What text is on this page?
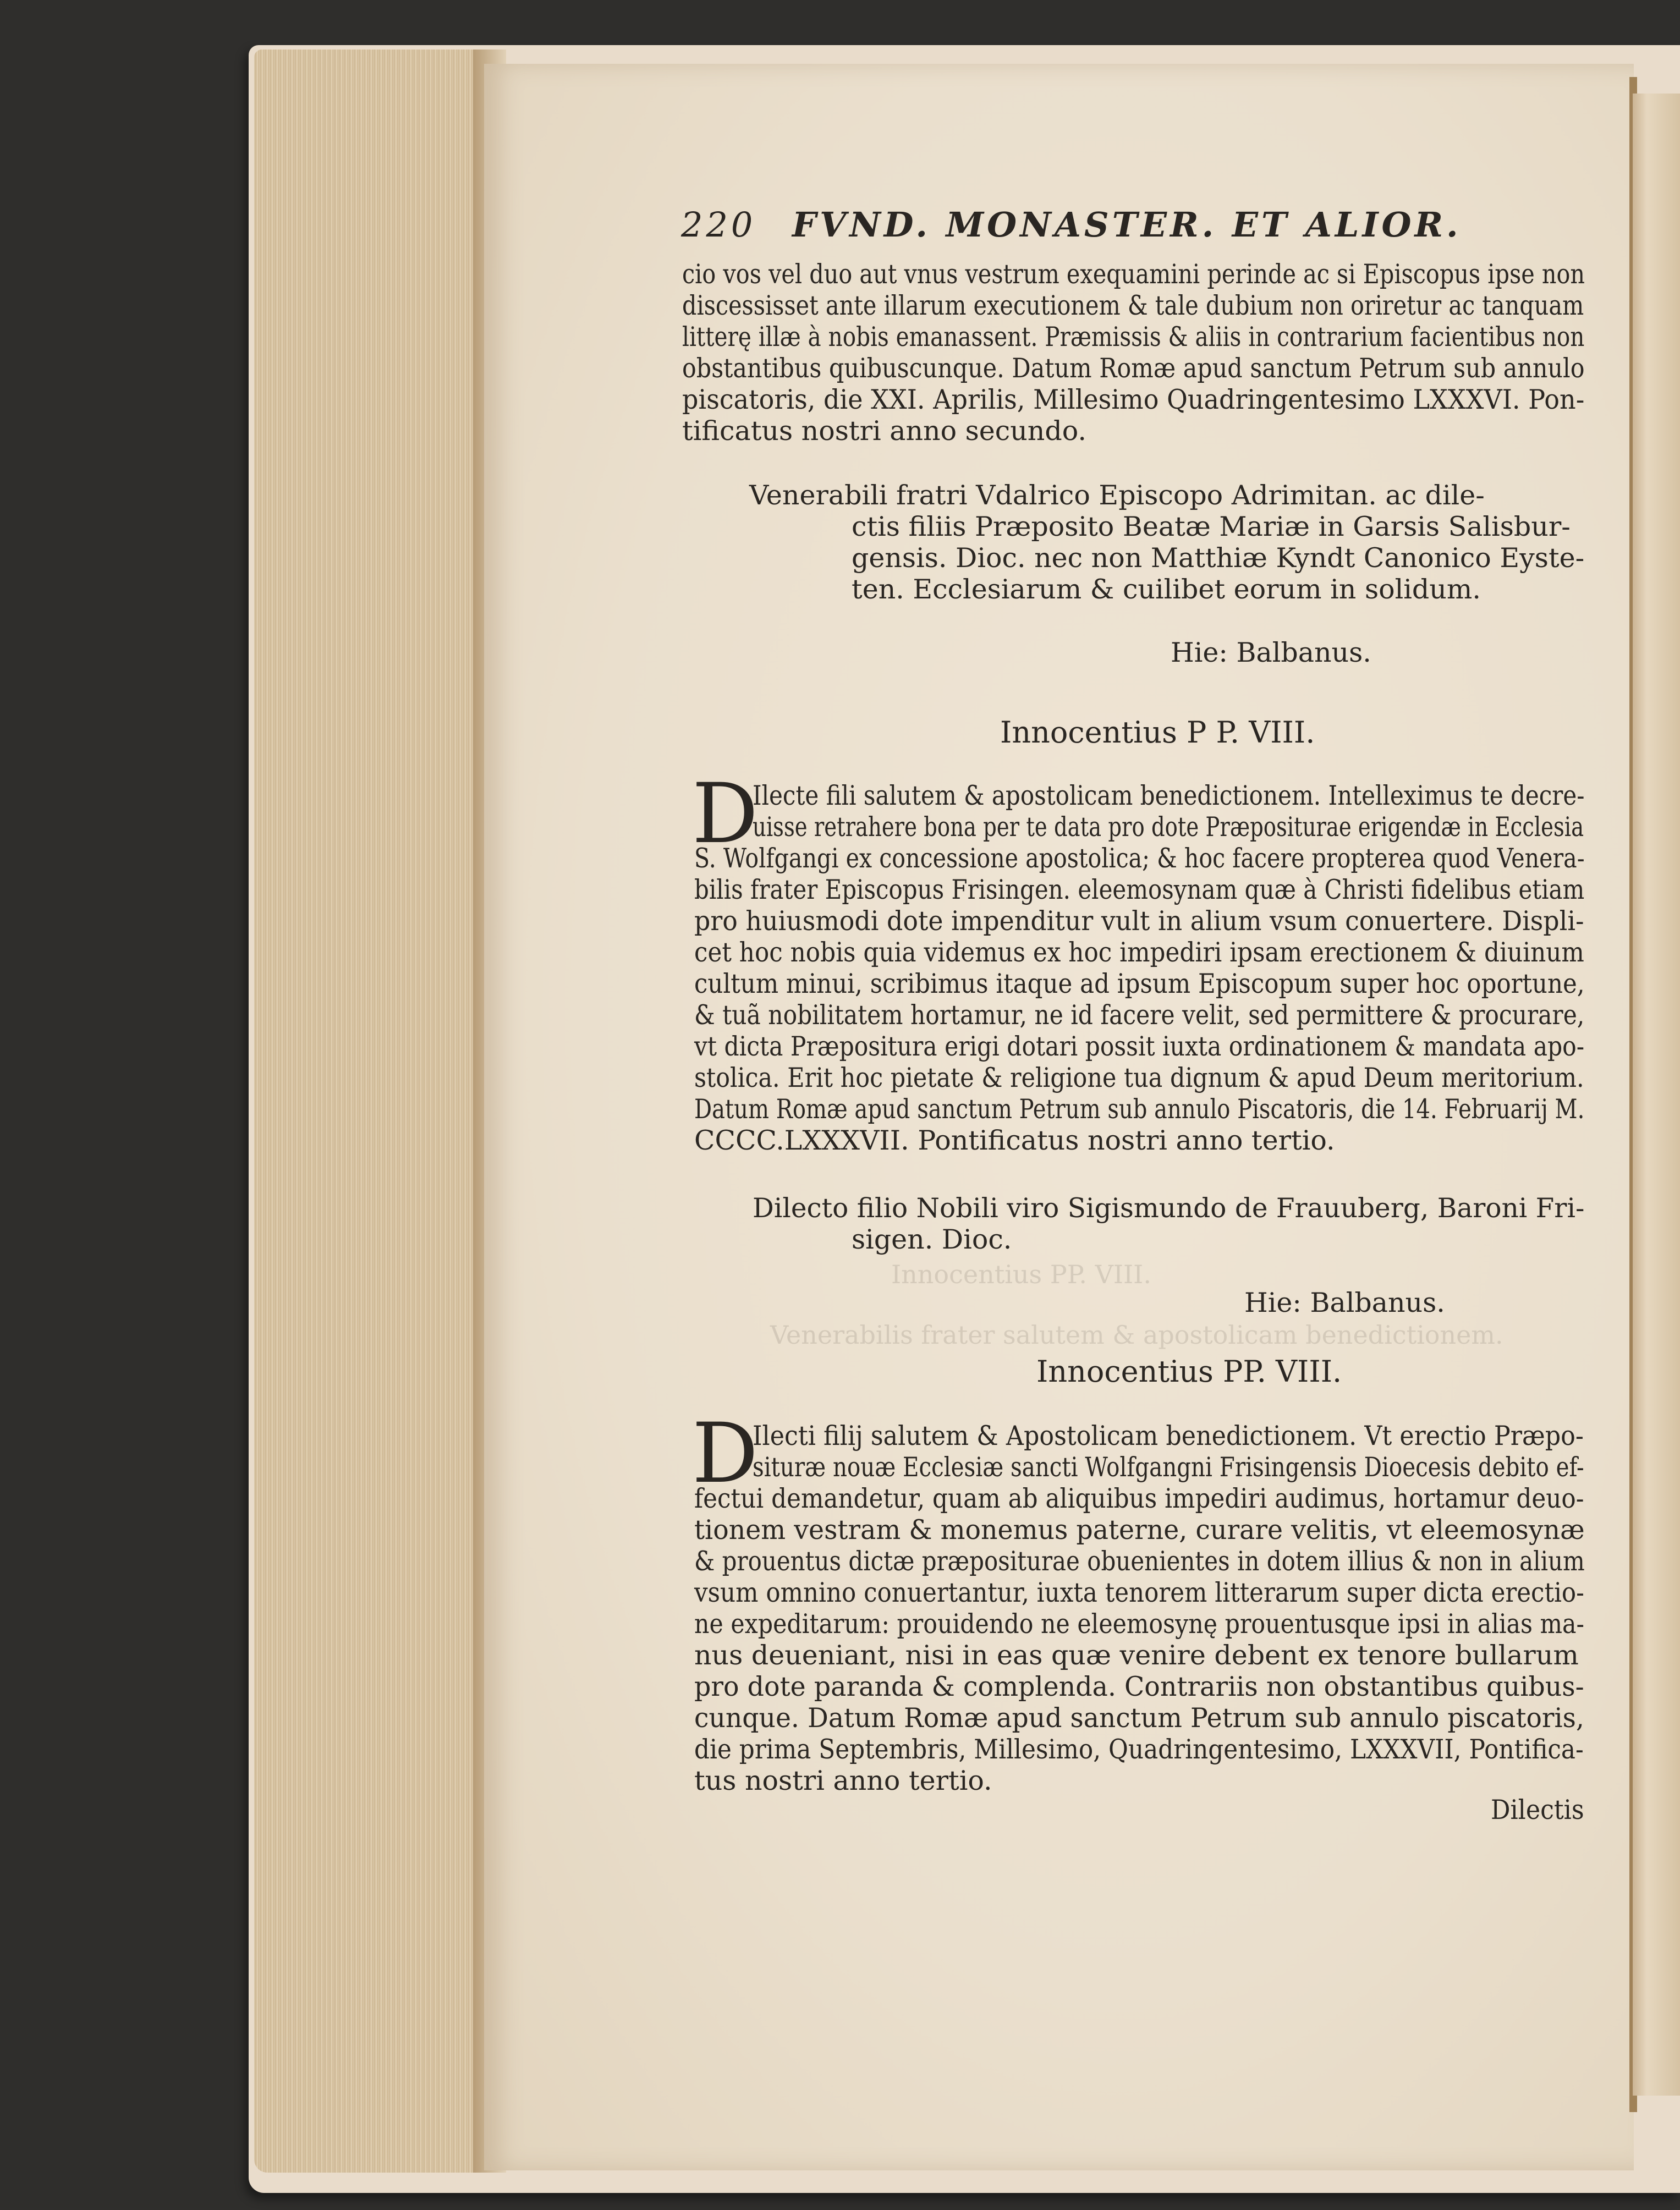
Innocentius PP. VIII.
Venerabilis frater salutem & apostolicam benedictionem.
220 FVND. MONASTER. ET ALIOR.
cio vos vel duo aut vnus vestrum exequamini perinde ac si Episcopus ipse non
discessisset ante illarum executionem & tale dubium non oriretur ac tanquam
litterę illæ à nobis emanassent. Præmissis & aliis in contrarium facientibus non
obstantibus quibuscunque. Datum Romæ apud sanctum Petrum sub annulo
piscatoris, die XXI. Aprilis, Millesimo Quadringentesimo LXXXVI. Pon-
tificatus nostri anno secundo.
Venerabili fratri Vdalrico Episcopo Adrimitan. ac dile-
ctis filiis Præposito Beatæ Mariæ in Garsis Salisbur-
gensis. Dioc. nec non Matthiæ Kyndt Canonico Eyste-
ten. Ecclesiarum & cuilibet eorum in solidum.
Hie: Balbanus.
Innocentius P P. VIII.
D
Ilecte fili salutem & apostolicam benedictionem. Intelleximus te decre-
uisse retrahere bona per te data pro dote Præpositurae erigendæ in Ecclesia
S. Wolfgangi ex concessione apostolica; & hoc facere propterea quod Venera-
bilis frater Episcopus Frisingen. eleemosynam quæ à Christi fidelibus etiam
pro huiusmodi dote impenditur vult in alium vsum conuertere. Displi-
cet hoc nobis quia videmus ex hoc impediri ipsam erectionem & diuinum
cultum minui, scribimus itaque ad ipsum Episcopum super hoc oportune,
& tuã nobilitatem hortamur, ne id facere velit, sed permittere & procurare,
vt dicta Præpositura erigi dotari possit iuxta ordinationem & mandata apo-
stolica. Erit hoc pietate & religione tua dignum & apud Deum meritorium.
Datum Romæ apud sanctum Petrum sub annulo Piscatoris, die 14. Februarij M.
CCCC.LXXXVII. Pontificatus nostri anno tertio.
Dilecto filio Nobili viro Sigismundo de Frauuberg, Baroni Fri-
sigen. Dioc.
Hie: Balbanus.
Innocentius PP. VIII.
D
Ilecti filij salutem & Apostolicam benedictionem. Vt erectio Præpo-
situræ nouæ Ecclesiæ sancti Wolfgangni Frisingensis Dioecesis debito ef-
fectui demandetur, quam ab aliquibus impediri audimus, hortamur deuo-
tionem vestram & monemus paterne, curare velitis, vt eleemosynæ
& prouentus dictæ præpositurae obuenientes in dotem illius & non in alium
vsum omnino conuertantur, iuxta tenorem litterarum super dicta erectio-
ne expeditarum: prouidendo ne eleemosynę prouentusque ipsi in alias ma-
nus deueniant, nisi in eas quæ venire debent ex tenore bullarum
pro dote paranda & complenda. Contrariis non obstantibus quibus-
cunque. Datum Romæ apud sanctum Petrum sub annulo piscatoris,
die prima Septembris, Millesimo, Quadringentesimo, LXXXVII, Pontifica-
tus nostri anno tertio.
Dilectis
